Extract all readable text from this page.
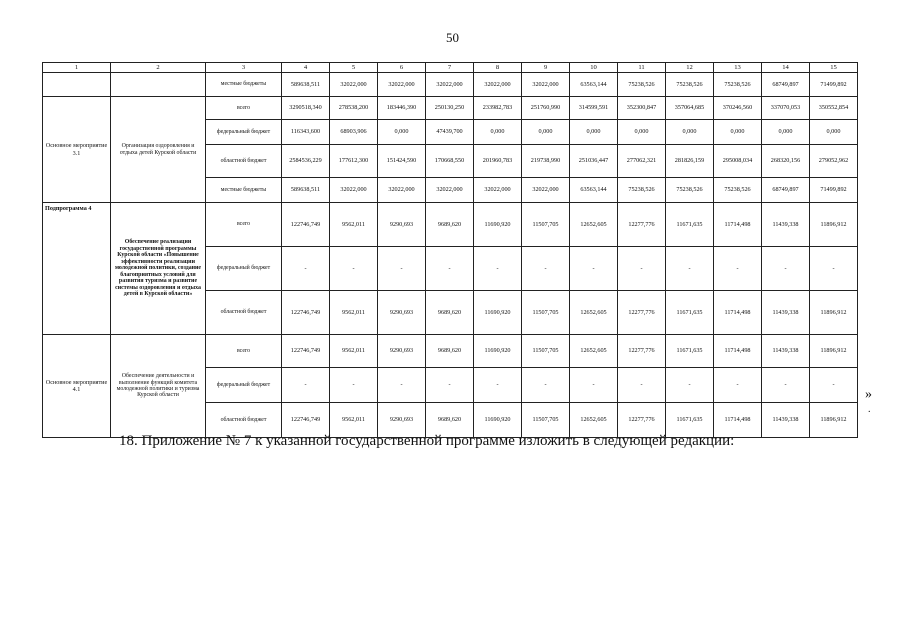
50
1	2	3	4	5	6	7	8	9	10	11	12	13	14	15
		местные бюджеты	589638,511	32022,000	32022,000	32022,000	32022,000	32022,000	63563,144	75238,526	75238,526	75238,526	68749,897	71499,892
Основное мероприятие 3.1	Организация оздоровления и отдыха детей Курской области	всего	3290518,340	278538,200	183446,390	250130,250	233982,783	251760,990	314599,591	352300,847	357064,685	370246,560	337070,053	350552,854
		федеральный бюджет	116343,600	68903,906	0,000	47439,700	0,000	0,000	0,000	0,000	0,000	0,000	0,000	0,000
		областной бюджет	2584536,229	177612,300	151424,590	170668,550	201960,783	219738,990	251036,447	277062,321	281826,159	295008,034	268320,156	279052,962
		местные бюджеты	589638,511	32022,000	32022,000	32022,000	32022,000	32022,000	63563,144	75238,526	75238,526	75238,526	68749,897	71499,892
Подпрограмма 4	Обеспечение реализации государственной программы Курской области «Повышение эффективности реализации молодежной политики, создание благоприятных условий для развития туризма и развитие системы оздоровления и отдыха детей в Курской области»	всего	122746,749	9562,011	9290,693	9689,620	11690,920	11507,705	12652,605	12277,776	11671,635	11714,498	11439,338	11896,912
		федеральный бюджет	-	-	-	-	-	-	-	-	-	-	-	-
		областной бюджет	122746,749	9562,011	9290,693	9689,620	11690,920	11507,705	12652,605	12277,776	11671,635	11714,498	11439,338	11896,912
Основное мероприятие 4.1	Обеспечение деятельности и выполнение функций комитета молодежной политики и туризма Курской области	всего	122746,749	9562,011	9290,693	9689,620	11690,920	11507,705	12652,605	12277,776	11671,635	11714,498	11439,338	11896,912
		федеральный бюджет	-	-	-	-	-	-	-	-	-	-	-	-
		областной бюджет	122746,749	9562,011	9290,693	9689,620	11690,920	11507,705	12652,605	12277,776	11671,635	11714,498	11439,338	11896,912
»
.
18. Приложение № 7 к указанной государственной программе изложить в следующей редакции:
